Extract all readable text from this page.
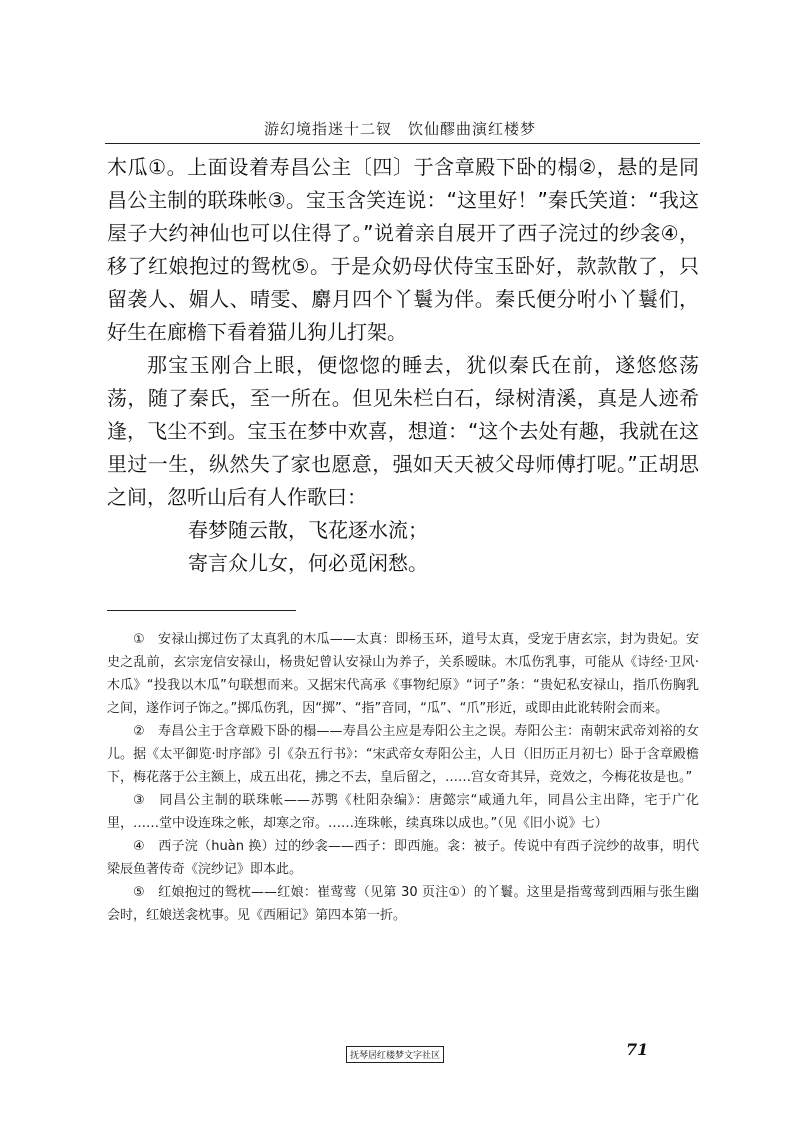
游幻境指迷十二钗　饮仙醪曲演红楼梦

木瓜①。上面设着寿昌公主〔四〕于含章殿下卧的榻②，悬的是同昌公主制的联珠帐③。宝玉含笑连说：“这里好！”秦氏笑道：“我这屋子大约神仙也可以住得了。”说着亲自展开了西子浣过的纱衾④，移了红娘抱过的鸳枕⑤。于是众奶母伏侍宝玉卧好，款款散了，只留袭人、媚人、晴雯、麝月四个丫鬟为伴。秦氏便分咐小丫鬟们，好生在廊檐下看着猫儿狗儿打架。

那宝玉刚合上眼，便惚惚的睡去，犹似秦氏在前，遂悠悠荡荡，随了秦氏，至一所在。但见朱栏白石，绿树清溪，真是人迹希逢，飞尘不到。宝玉在梦中欢喜，想道：“这个去处有趣，我就在这里过一生，纵然失了家也愿意，强如天天被父母师傅打呢。”正胡思之间，忽听山后有人作歌曰：

春梦随云散，飞花逐水流；
寄言众儿女，何必觅闲愁。

①　安禄山掷过伤了太真乳的木瓜——太真：即杨玉环，道号太真，受宠于唐玄宗，封为贵妃。安史之乱前，玄宗宠信安禄山，杨贵妃曾认安禄山为养子，关系暧昧。木瓜伤乳事，可能从《诗经·卫风·木瓜》“投我以木瓜”句联想而来。又据宋代高承《事物纪原》“诃子”条：“贵妃私安禄山，指爪伤胸乳之间，遂作诃子饰之。”掷瓜伤乳，因“掷”、“指”音同，“瓜”、“爪”形近，或即由此讹转附会而来。

②　寿昌公主于含章殿下卧的榻——寿昌公主应是寿阳公主之误。寿阳公主：南朝宋武帝刘裕的女儿。据《太平御览·时序部》引《杂五行书》：“宋武帝女寿阳公主，人日（旧历正月初七）卧于含章殿檐下，梅花落于公主额上，成五出花，拂之不去，皇后留之，……宫女奇其异，竞效之，今梅花妆是也。”

③　同昌公主制的联珠帐——苏鹗《杜阳杂编》：唐懿宗“咸通九年，同昌公主出降，宅于广化里，……堂中设连珠之帐，却寒之帘。……连珠帐，续真珠以成也。”（见《旧小说》七）

④　西子浣（huàn 换）过的纱衾——西子：即西施。衾：被子。传说中有西子浣纱的故事，明代梁辰鱼著传奇《浣纱记》即本此。

⑤　红娘抱过的鸳枕——红娘：崔莺莺（见第 30 页注①）的丫鬟。这里是指莺莺到西厢与张生幽会时，红娘送衾枕事。见《西厢记》第四本第一折。

抚琴居红楼梦文字社区	71
